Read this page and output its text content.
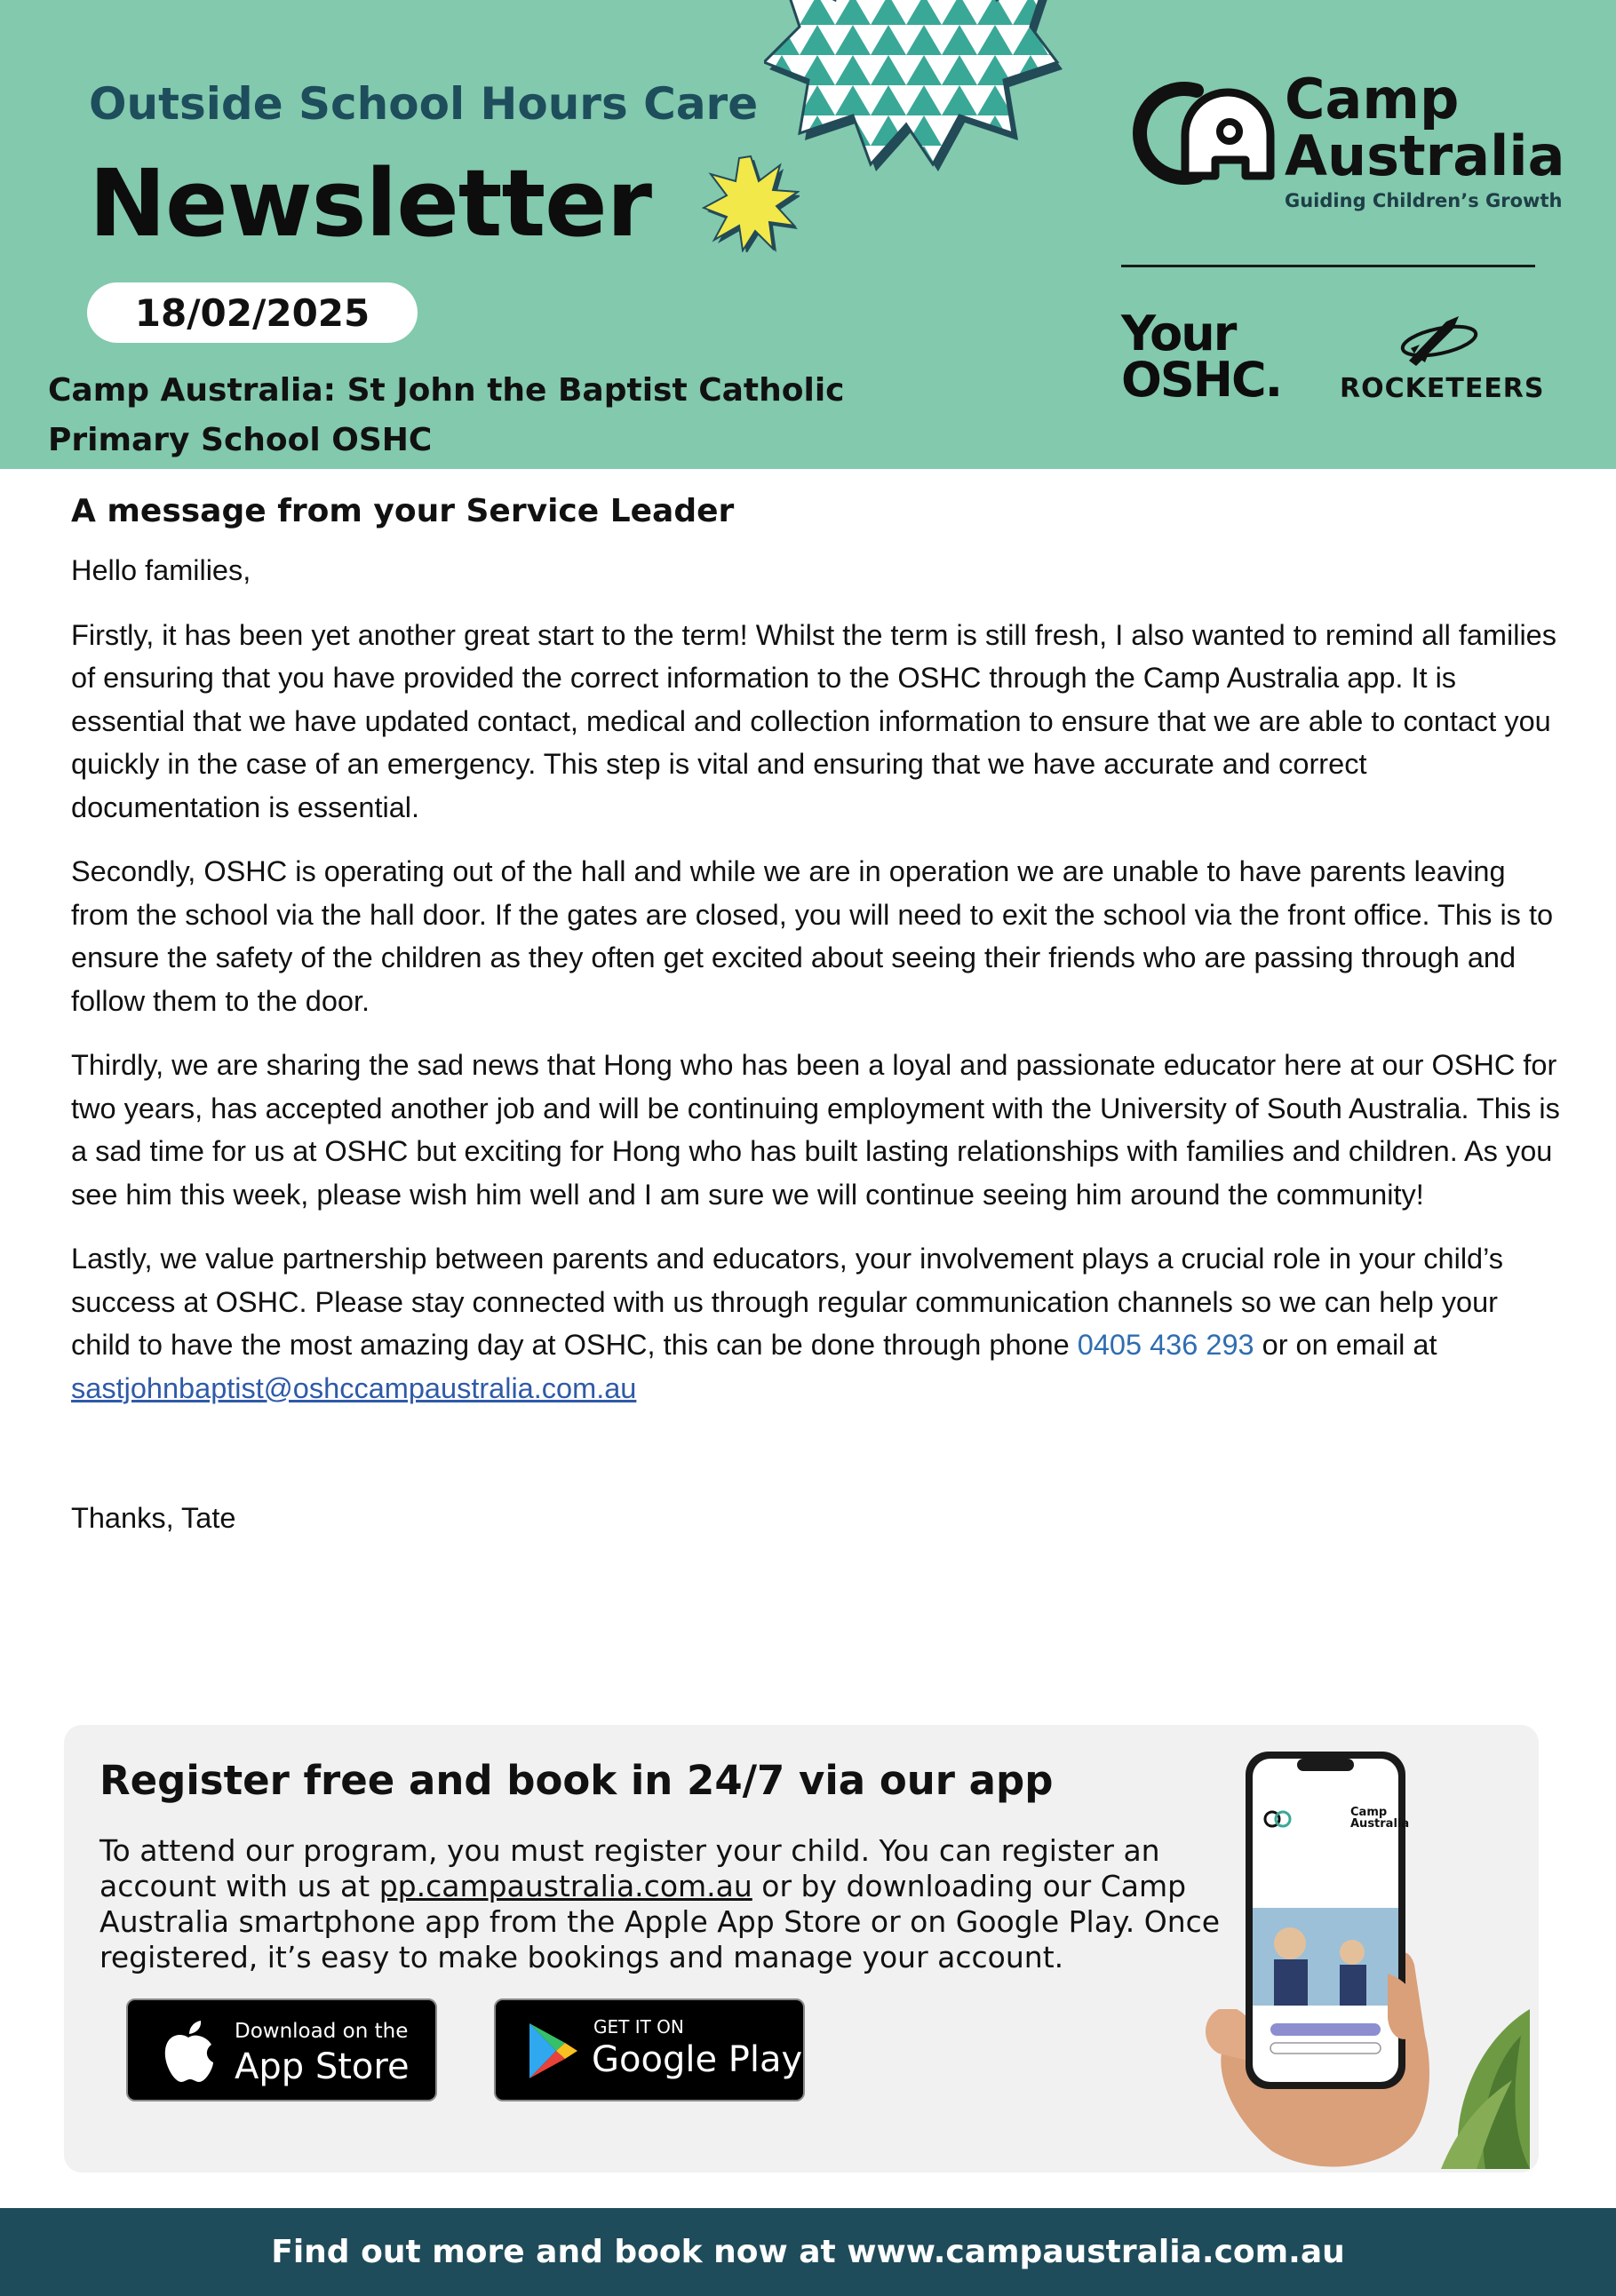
Outside School Hours Care
Newsletter
18/02/2025
Camp Australia: St John the Baptist Catholic Primary School OSHC
Camp
Australia
Guiding Children’s Growth
Your
OSHC. ROCKETEERS
A message from your Service Leader

Hello families,

Firstly, it has been yet another great start to the term! Whilst the term is still fresh, I also wanted to remind all families of ensuring that you have provided the correct information to the OSHC through the Camp Australia app. It is essential that we have updated contact, medical and collection information to ensure that we are able to contact you quickly in the case of an emergency. This step is vital and ensuring that we have accurate and correct documentation is essential.

Secondly, OSHC is operating out of the hall and while we are in operation we are unable to have parents leaving from the school via the hall door. If the gates are closed, you will need to exit the school via the front office. This is to ensure the safety of the children as they often get excited about seeing their friends who are passing through and follow them to the door.

Thirdly, we are sharing the sad news that Hong who has been a loyal and passionate educator here at our OSHC for two years, has accepted another job and will be continuing employment with the University of South Australia. This is a sad time for us at OSHC but exciting for Hong who has built lasting relationships with families and children. As you see him this week, please wish him well and I am sure we will continue seeing him around the community!

Lastly, we value partnership between parents and educators, your involvement plays a crucial role in your child’s success at OSHC. Please stay connected with us through regular communication channels so we can help your child to have the most amazing day at OSHC, this can be done through phone 0405 436 293 or on email at sastjohnbaptist@oshccampaustralia.com.au

Thanks, Tate

Register free and book in 24/7 via our app
To attend our program, you must register your child. You can register an account with us at pp.campaustralia.com.au or by downloading our Camp Australia smartphone app from the Apple App Store or on Google Play. Once registered, it’s easy to make bookings and manage your account.
Download on the
App Store
GET IT ON
Google Play
Camp
Australia
Find out more and book now at www.campaustralia.com.au
